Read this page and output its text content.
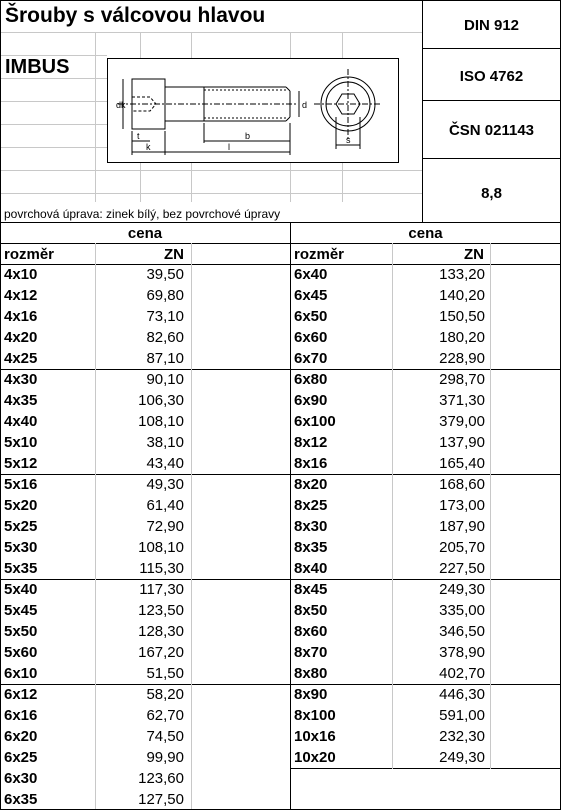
Šrouby s válcovou hlavou
IMBUS
DIN 912
ISO 4762
ČSN 021143
8,8
povrchová úprava: zinek bílý, bez povrchové úpravy
dk	d
t
k
b
l
s
cena	cena
rozměr	ZN	rozměr	ZN
4x10	39,50
4x12	69,80
4x16	73,10
4x20	82,60
4x25	87,10
4x30	90,10
4x35	106,30
4x40	108,10
5x10	38,10
5x12	43,40
5x16	49,30
5x20	61,40
5x25	72,90
5x30	108,10
5x35	115,30
5x40	117,30
5x45	123,50
5x50	128,30
5x60	167,20
6x10	51,50
6x12	58,20
6x16	62,70
6x20	74,50
6x25	99,90
6x30	123,60
6x35	127,50
6x40	133,20
6x45	140,20
6x50	150,50
6x60	180,20
6x70	228,90
6x80	298,70
6x90	371,30
6x100	379,00
8x12	137,90
8x16	165,40
8x20	168,60
8x25	173,00
8x30	187,90
8x35	205,70
8x40	227,50
8x45	249,30
8x50	335,00
8x60	346,50
8x70	378,90
8x80	402,70
8x90	446,30
8x100	591,00
10x16	232,30
10x20	249,30
